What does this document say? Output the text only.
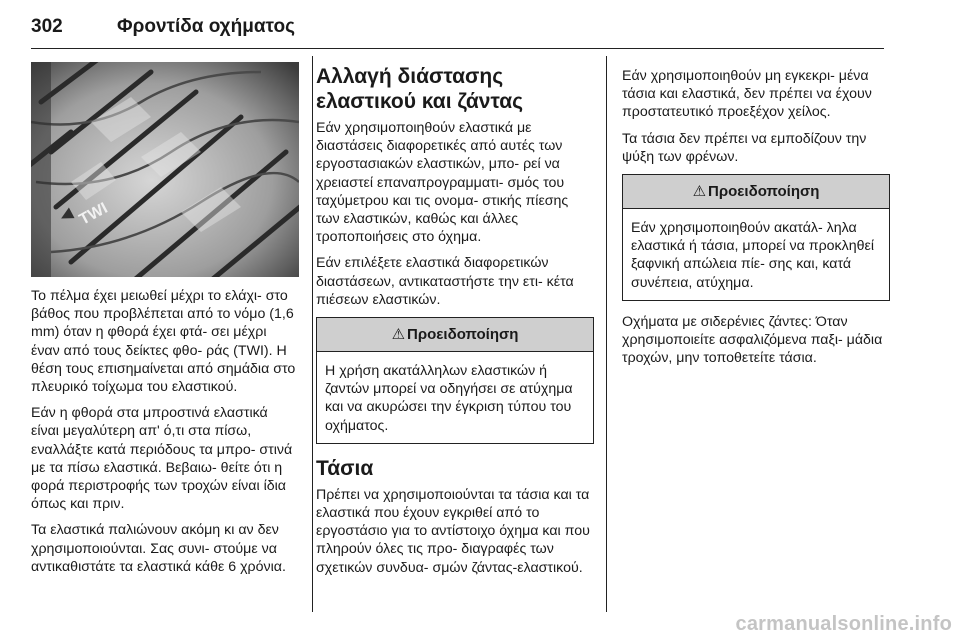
302	Φροντίδα οχήματος
TWI

Το πέλμα έχει μειωθεί μέχρι το ελάχι- στο βάθος που προβλέπεται από το νόμο (1,6 mm) όταν η φθορά έχει φτά- σει μέχρι έναν από τους δείκτες φθο- ράς (TWI). Η θέση τους επισημαίνεται από σημάδια στο πλευρικό τοίχωμα του ελαστικού.

Εάν η φθορά στα μπροστινά ελαστικά είναι μεγαλύτερη απ' ό,τι στα πίσω, εναλλάξτε κατά περιόδους τα μπρο- στινά με τα πίσω ελαστικά. Βεβαιω- θείτε ότι η φορά περιστροφής των τροχών είναι ίδια όπως και πριν.

Τα ελαστικά παλιώνουν ακόμη κι αν δεν χρησιμοποιούνται. Σας συνι- στούμε να αντικαθιστάτε τα ελαστικά κάθε 6 χρόνια.

Αλλαγή διάστασης
ελαστικού και ζάντας

Εάν χρησιμοποιηθούν ελαστικά με διαστάσεις διαφορετικές από αυτές των εργοστασιακών ελαστικών, μπο- ρεί να χρειαστεί επαναπρογραμματι- σμός του ταχύμετρου και τις ονομα- στικής πίεσης των ελαστικών, καθώς και άλλες τροποποιήσεις στο όχημα.

Εάν επιλέξετε ελαστικά διαφορετικών διαστάσεων, αντικαταστήστε την ετι- κέτα πιέσεων ελαστικών.

⚠ Προειδοποίηση
Η χρήση ακατάλληλων ελαστικών ή ζαντών μπορεί να οδηγήσει σε ατύχημα και να ακυρώσει την έγκριση τύπου του οχήματος.
Τάσια

Πρέπει να χρησιμοποιούνται τα τάσια και τα ελαστικά που έχουν εγκριθεί από το εργοστάσιο για το αντίστοιχο όχημα και που πληρούν όλες τις προ- διαγραφές των σχετικών συνδυα- σμών ζάντας-ελαστικού.

Εάν χρησιμοποιηθούν μη εγκεκρι- μένα τάσια και ελαστικά, δεν πρέπει να έχουν προστατευτικό προεξέχον χείλος.

Τα τάσια δεν πρέπει να εμποδίζουν την ψύξη των φρένων.

⚠ Προειδοποίηση
Εάν χρησιμοποιηθούν ακατάλ- ληλα ελαστικά ή τάσια, μπορεί να προκληθεί ξαφνική απώλεια πίε- σης και, κατά συνέπεια, ατύχημα.

Οχήματα με σιδερένιες ζάντες: Όταν χρησιμοποιείτε ασφαλιζόμενα παξι- μάδια τροχών, μην τοποθετείτε τάσια.

carmanualsonline.info
